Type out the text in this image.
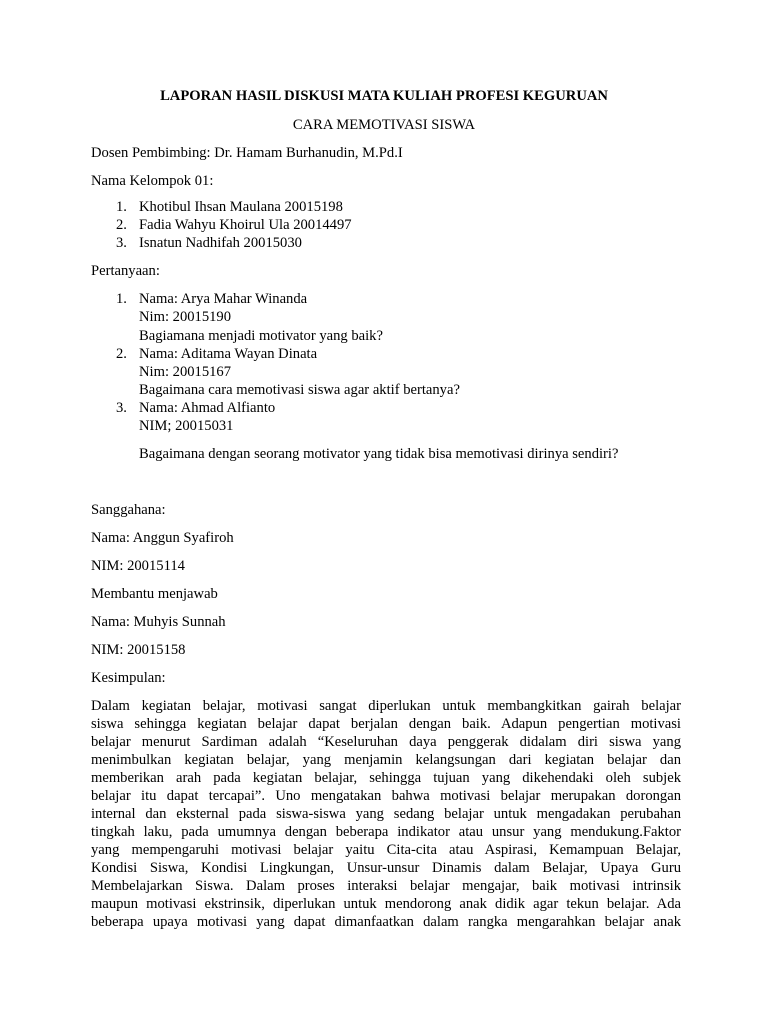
LAPORAN HASIL DISKUSI MATA KULIAH PROFESI KEGURUAN
CARA MEMOTIVASI SISWA
Dosen Pembimbing: Dr. Hamam Burhanudin, M.Pd.I
Nama Kelompok 01:
1. Khotibul Ihsan Maulana 20015198
2. Fadia Wahyu Khoirul Ula 20014497
3. Isnatun Nadhifah 20015030
Pertanyaan:
1. Nama: Arya Mahar Winanda
Nim: 20015190
Bagiamana menjadi motivator yang baik?
2. Nama: Aditama Wayan Dinata
Nim: 20015167
Bagaimana cara memotivasi siswa agar aktif bertanya?
3. Nama: Ahmad Alfianto
NIM; 20015031
Bagaimana dengan seorang motivator yang tidak bisa memotivasi dirinya sendiri?
Sanggahana:
Nama: Anggun Syafiroh
NIM: 20015114
Membantu menjawab
Nama: Muhyis Sunnah
NIM: 20015158
Kesimpulan:
Dalam kegiatan belajar, motivasi sangat diperlukan untuk membangkitkan gairah belajar
siswa sehingga kegiatan belajar dapat berjalan dengan baik. Adapun pengertian motivasi
belajar menurut Sardiman adalah “Keseluruhan daya penggerak didalam diri siswa yang
menimbulkan kegiatan belajar, yang menjamin kelangsungan dari kegiatan belajar dan
memberikan arah pada kegiatan belajar, sehingga tujuan yang dikehendaki oleh subjek
belajar itu dapat tercapai”. Uno mengatakan bahwa motivasi belajar merupakan dorongan
internal dan eksternal pada siswa-siswa yang sedang belajar untuk mengadakan perubahan
tingkah laku, pada umumnya dengan beberapa indikator atau unsur yang mendukung.Faktor
yang mempengaruhi motivasi belajar yaitu Cita-cita atau Aspirasi, Kemampuan Belajar,
Kondisi Siswa, Kondisi Lingkungan, Unsur-unsur Dinamis dalam Belajar, Upaya Guru
Membelajarkan Siswa. Dalam proses interaksi belajar mengajar, baik motivasi intrinsik
maupun motivasi ekstrinsik, diperlukan untuk mendorong anak didik agar tekun belajar. Ada
beberapa upaya motivasi yang dapat dimanfaatkan dalam rangka mengarahkan belajar anak
